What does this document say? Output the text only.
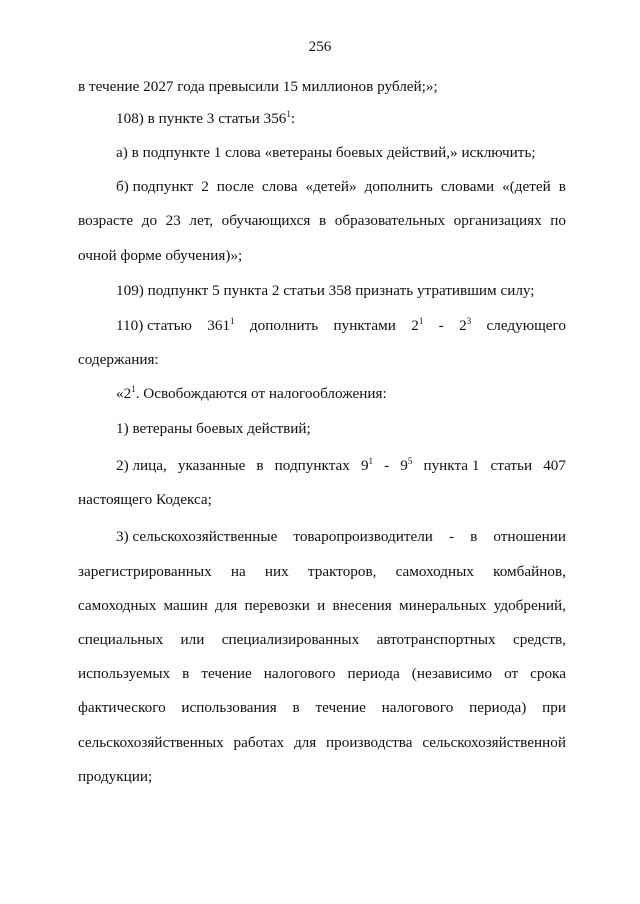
256
в течение 2027 года превысили 15 миллионов рублей;»;
108) в пункте 3 статьи $356^1$:
а) в подпункте 1 слова «ветераны боевых действий,» исключить;
б) подпункт 2 после слова «детей» дополнить словами «(детей в
возрасте до 23 лет, обучающихся в образовательных организациях по
очной форме обучения)»;
109) подпункт 5 пункта 2 статьи 358 признать утратившим силу;
110) статью $361^1$ дополнить пунктами $2^1 - 2^3$ следующего
содержания:
«$2^1$. Освобождаются от налогообложения:
1) ветераны боевых действий;
2) лица, указанные в подпунктах $9^1 - 9^5$ пункта 1 статьи 407
настоящего Кодекса;
3) сельскохозяйственные товаропроизводители - в отношении
зарегистрированных на них тракторов, самоходных комбайнов,
самоходных машин для перевозки и внесения минеральных удобрений,
специальных или специализированных автотранспортных средств,
используемых в течение налогового периода (независимо от срока
фактического использования в течение налогового периода) при
сельскохозяйственных работах для производства сельскохозяйственной
продукции;
